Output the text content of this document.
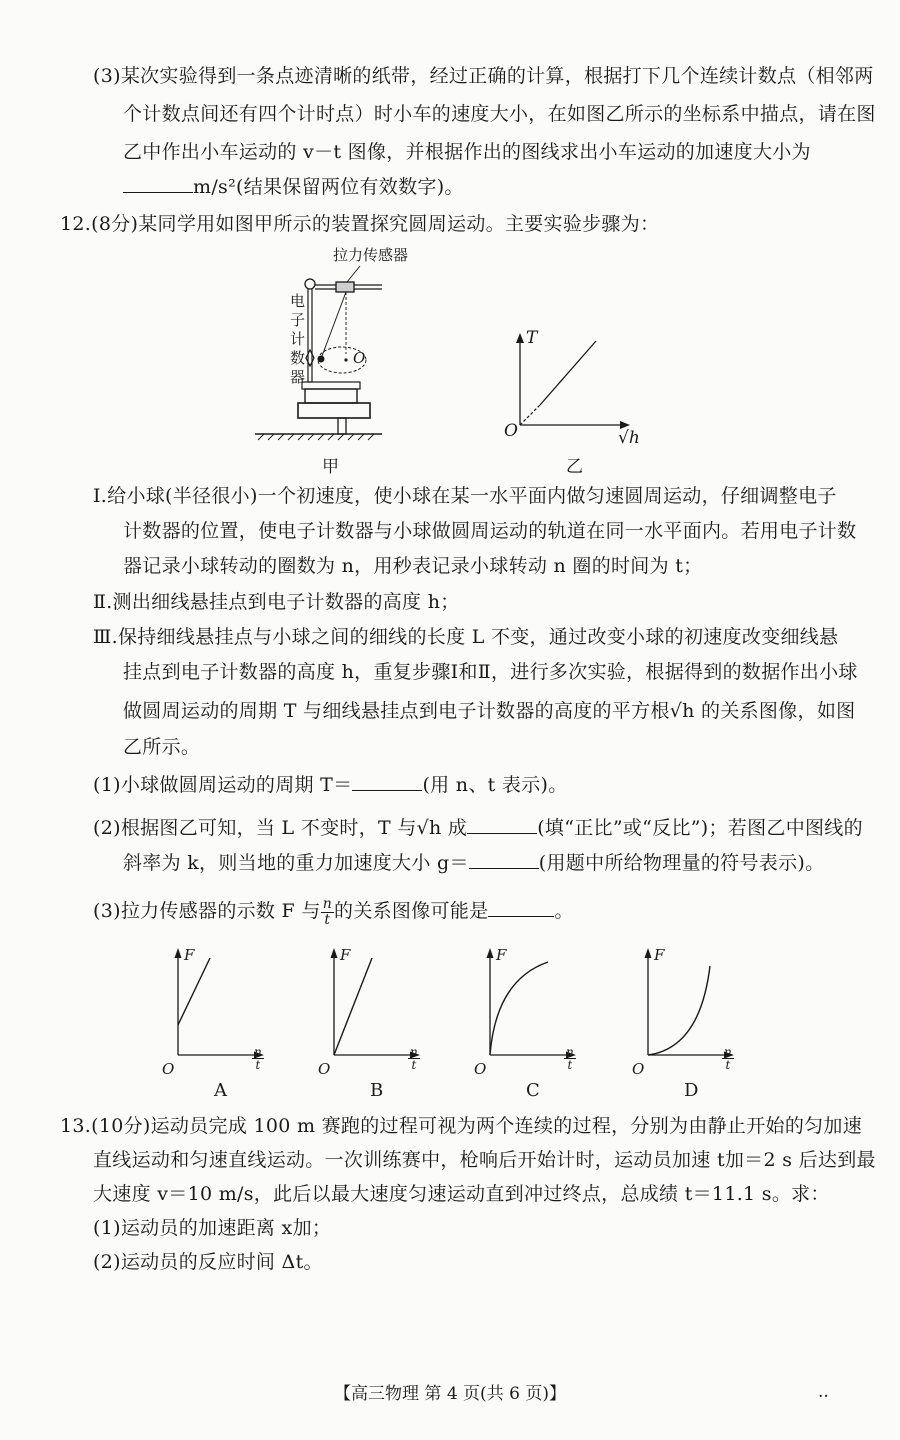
(3)某次实验得到一条点迹清晰的纸带，经过正确的计算，根据打下几个连续计数点（相邻两
个计数点间还有四个计时点）时小车的速度大小，在如图乙所示的坐标系中描点，请在图
乙中作出小车运动的 v－t 图像，并根据作出的图线求出小车运动的加速度大小为
m/s²(结果保留两位有效数字)。
12.(8分)某同学用如图甲所示的装置探究圆周运动。主要实验步骤为：
拉力传感器
电
子
计
数
器
O
甲
T
O	√h
乙
Ⅰ.给小球(半径很小)一个初速度，使小球在某一水平面内做匀速圆周运动，仔细调整电子
计数器的位置，使电子计数器与小球做圆周运动的轨道在同一水平面内。若用电子计数
器记录小球转动的圈数为 n，用秒表记录小球转动 n 圈的时间为 t；
Ⅱ.测出细线悬挂点到电子计数器的高度 h；
Ⅲ.保持细线悬挂点与小球之间的细线的长度 L 不变，通过改变小球的初速度改变细线悬
挂点到电子计数器的高度 h，重复步骤Ⅰ和Ⅱ，进行多次实验，根据得到的数据作出小球
做圆周运动的周期 T 与细线悬挂点到电子计数器的高度的平方根√h 的关系图像，如图
乙所示。
(1)小球做圆周运动的周期 T＝	(用 n、t 表示)。
(2)根据图乙可知，当 L 不变时，T 与√h 成	(填“正比”或“反比”)；若图乙中图线的
斜率为 k，则当地的重力加速度大小 g＝	(用题中所给物理量的符号表示)。
(3)拉力传感器的示数 F 与 $\frac{n}{t}$ 的关系图像可能是	。
F
O	$\frac{n}{t}$
A
F
O	$\frac{n}{t}$
B
F
O	$\frac{n}{t}$
C
F
O	$\frac{n}{t}$
D
13.(10分)运动员完成 100 m 赛跑的过程可视为两个连续的过程，分别为由静止开始的匀加速
直线运动和匀速直线运动。一次训练赛中，枪响后开始计时，运动员加速 t加＝2 s 后达到最
大速度 v＝10 m/s，此后以最大速度匀速运动直到冲过终点，总成绩 t＝11.1 s。求：
(1)运动员的加速距离 x加；
(2)运动员的反应时间 Δt。
【高三物理 第 4 页(共 6 页)】	..
